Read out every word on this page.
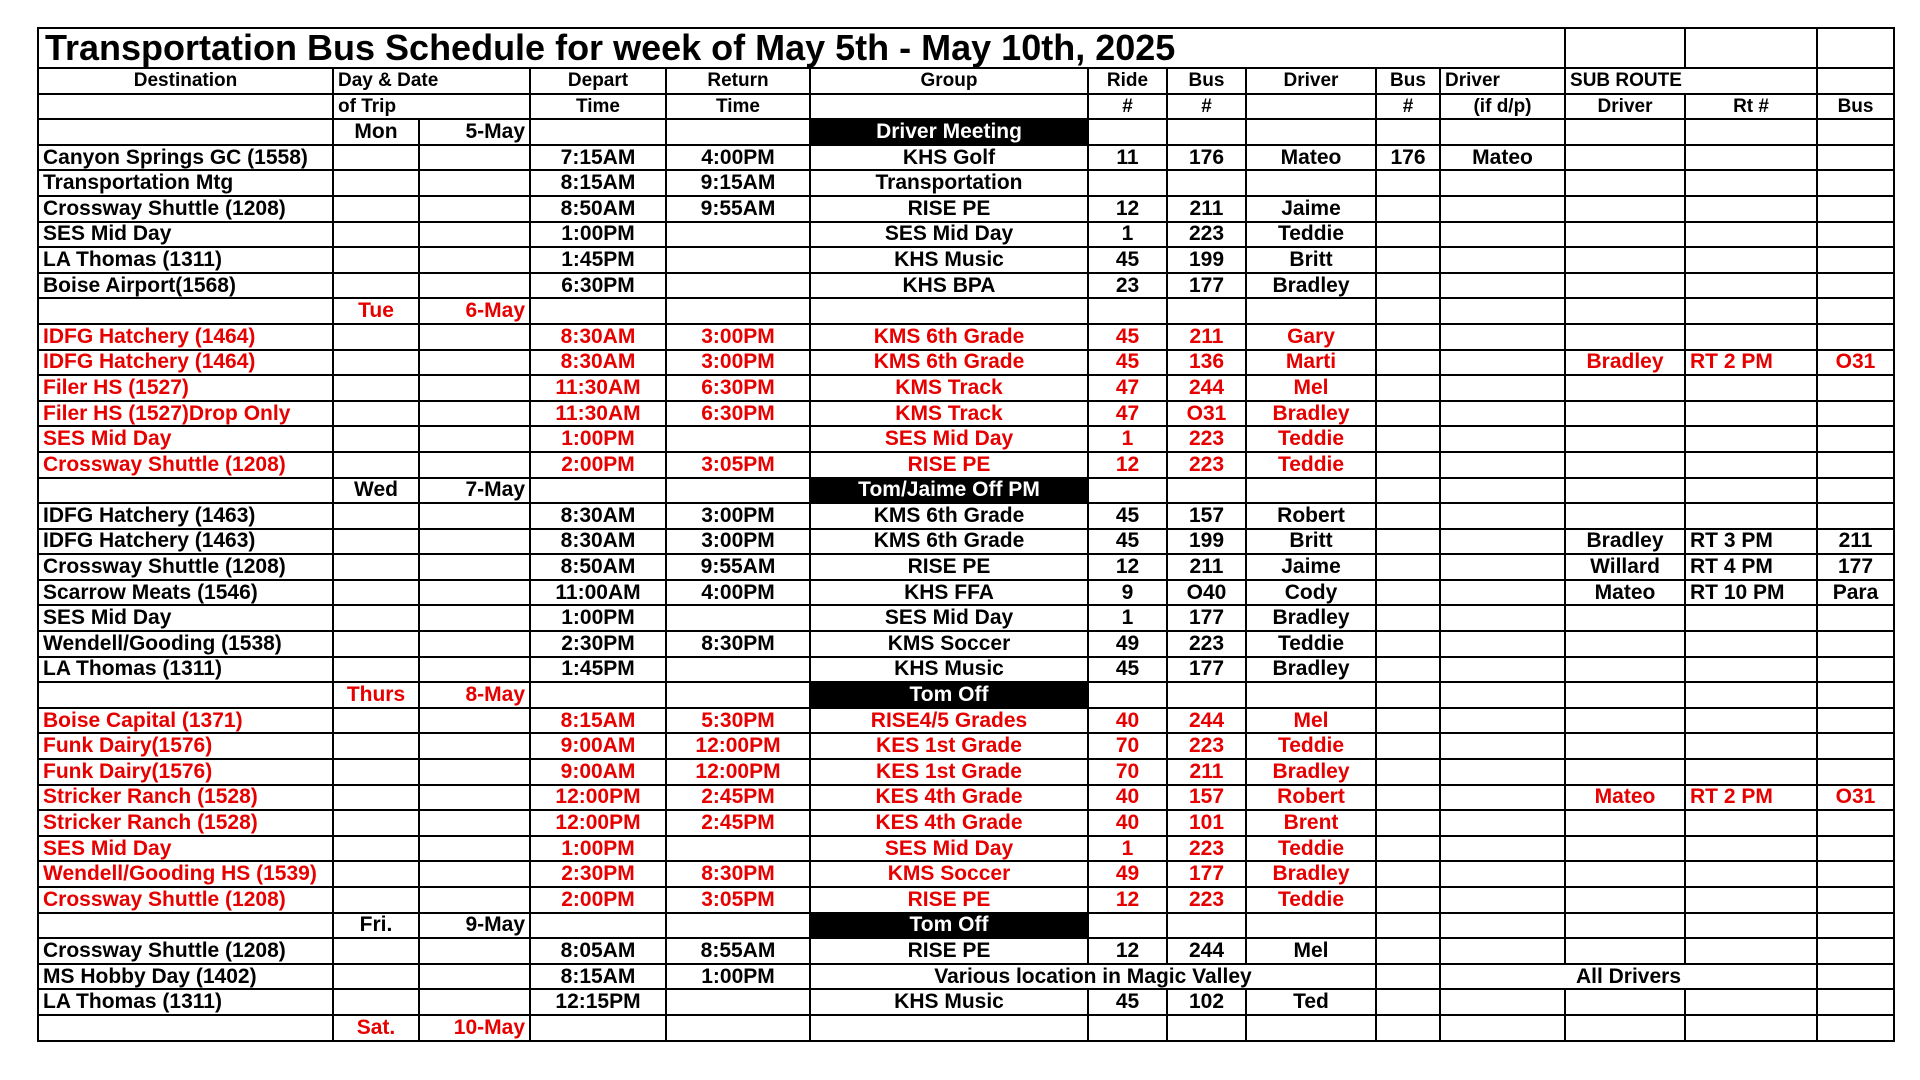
Transportation Bus Schedule for week of May 5th - May 10th, 2025													
Destination	Day & Date		Depart	Return	Group	Ride	Bus	Driver	Bus	Driver	SUB ROUTE		
	of Trip		Time	Time		#	#		#	(if d/p)	Driver	Rt #	Bus
	Mon	5-May			Driver Meeting								
Canyon Springs GC (1558)			7:15AM	4:00PM	KHS Golf	11	176	Mateo	176	Mateo			
Transportation Mtg			8:15AM	9:15AM	Transportation								
Crossway Shuttle (1208)			8:50AM	9:55AM	RISE PE	12	211	Jaime					
SES Mid Day			1:00PM		SES Mid Day	1	223	Teddie					
LA Thomas (1311)			1:45PM		KHS Music	45	199	Britt					
Boise Airport(1568)			6:30PM		KHS BPA	23	177	Bradley					
	Tue	6-May											
IDFG Hatchery (1464)			8:30AM	3:00PM	KMS 6th Grade	45	211	Gary					
IDFG Hatchery (1464)			8:30AM	3:00PM	KMS 6th Grade	45	136	Marti			Bradley	RT 2 PM	O31
Filer HS (1527)			11:30AM	6:30PM	KMS Track	47	244	Mel					
Filer HS (1527)Drop Only			11:30AM	6:30PM	KMS Track	47	O31	Bradley					
SES Mid Day			1:00PM		SES Mid Day	1	223	Teddie					
Crossway Shuttle (1208)			2:00PM	3:05PM	RISE PE	12	223	Teddie					
	Wed	7-May			Tom/Jaime Off PM								
IDFG Hatchery (1463)			8:30AM	3:00PM	KMS 6th Grade	45	157	Robert					
IDFG Hatchery (1463)			8:30AM	3:00PM	KMS 6th Grade	45	199	Britt			Bradley	RT 3 PM	211
Crossway Shuttle (1208)			8:50AM	9:55AM	RISE PE	12	211	Jaime			Willard	RT 4 PM	177
Scarrow Meats (1546)			11:00AM	4:00PM	KHS FFA	9	O40	Cody			Mateo	RT 10 PM	Para
SES Mid Day			1:00PM		SES Mid Day	1	177	Bradley					
Wendell/Gooding (1538)			2:30PM	8:30PM	KMS Soccer	49	223	Teddie					
LA Thomas (1311)			1:45PM		KHS Music	45	177	Bradley					
	Thurs	8-May			Tom Off								
Boise Capital (1371)			8:15AM	5:30PM	RISE4/5 Grades	40	244	Mel					
Funk Dairy(1576)			9:00AM	12:00PM	KES 1st Grade	70	223	Teddie					
Funk Dairy(1576)			9:00AM	12:00PM	KES 1st Grade	70	211	Bradley					
Stricker Ranch (1528)			12:00PM	2:45PM	KES 4th Grade	40	157	Robert			Mateo	RT 2 PM	O31
Stricker Ranch (1528)			12:00PM	2:45PM	KES 4th Grade	40	101	Brent					
SES Mid Day			1:00PM		SES Mid Day	1	223	Teddie					
Wendell/Gooding HS (1539)			2:30PM	8:30PM	KMS Soccer	49	177	Bradley					
Crossway Shuttle (1208)			2:00PM	3:05PM	RISE PE	12	223	Teddie					
	Fri.	9-May			Tom Off								
Crossway Shuttle (1208)			8:05AM	8:55AM	RISE PE	12	244	Mel					
MS Hobby Day (1402)			8:15AM	1:00PM	Various location in Magic Valley					All Drivers			
LA Thomas (1311)			12:15PM		KHS Music	45	102	Ted					
	Sat.	10-May											
